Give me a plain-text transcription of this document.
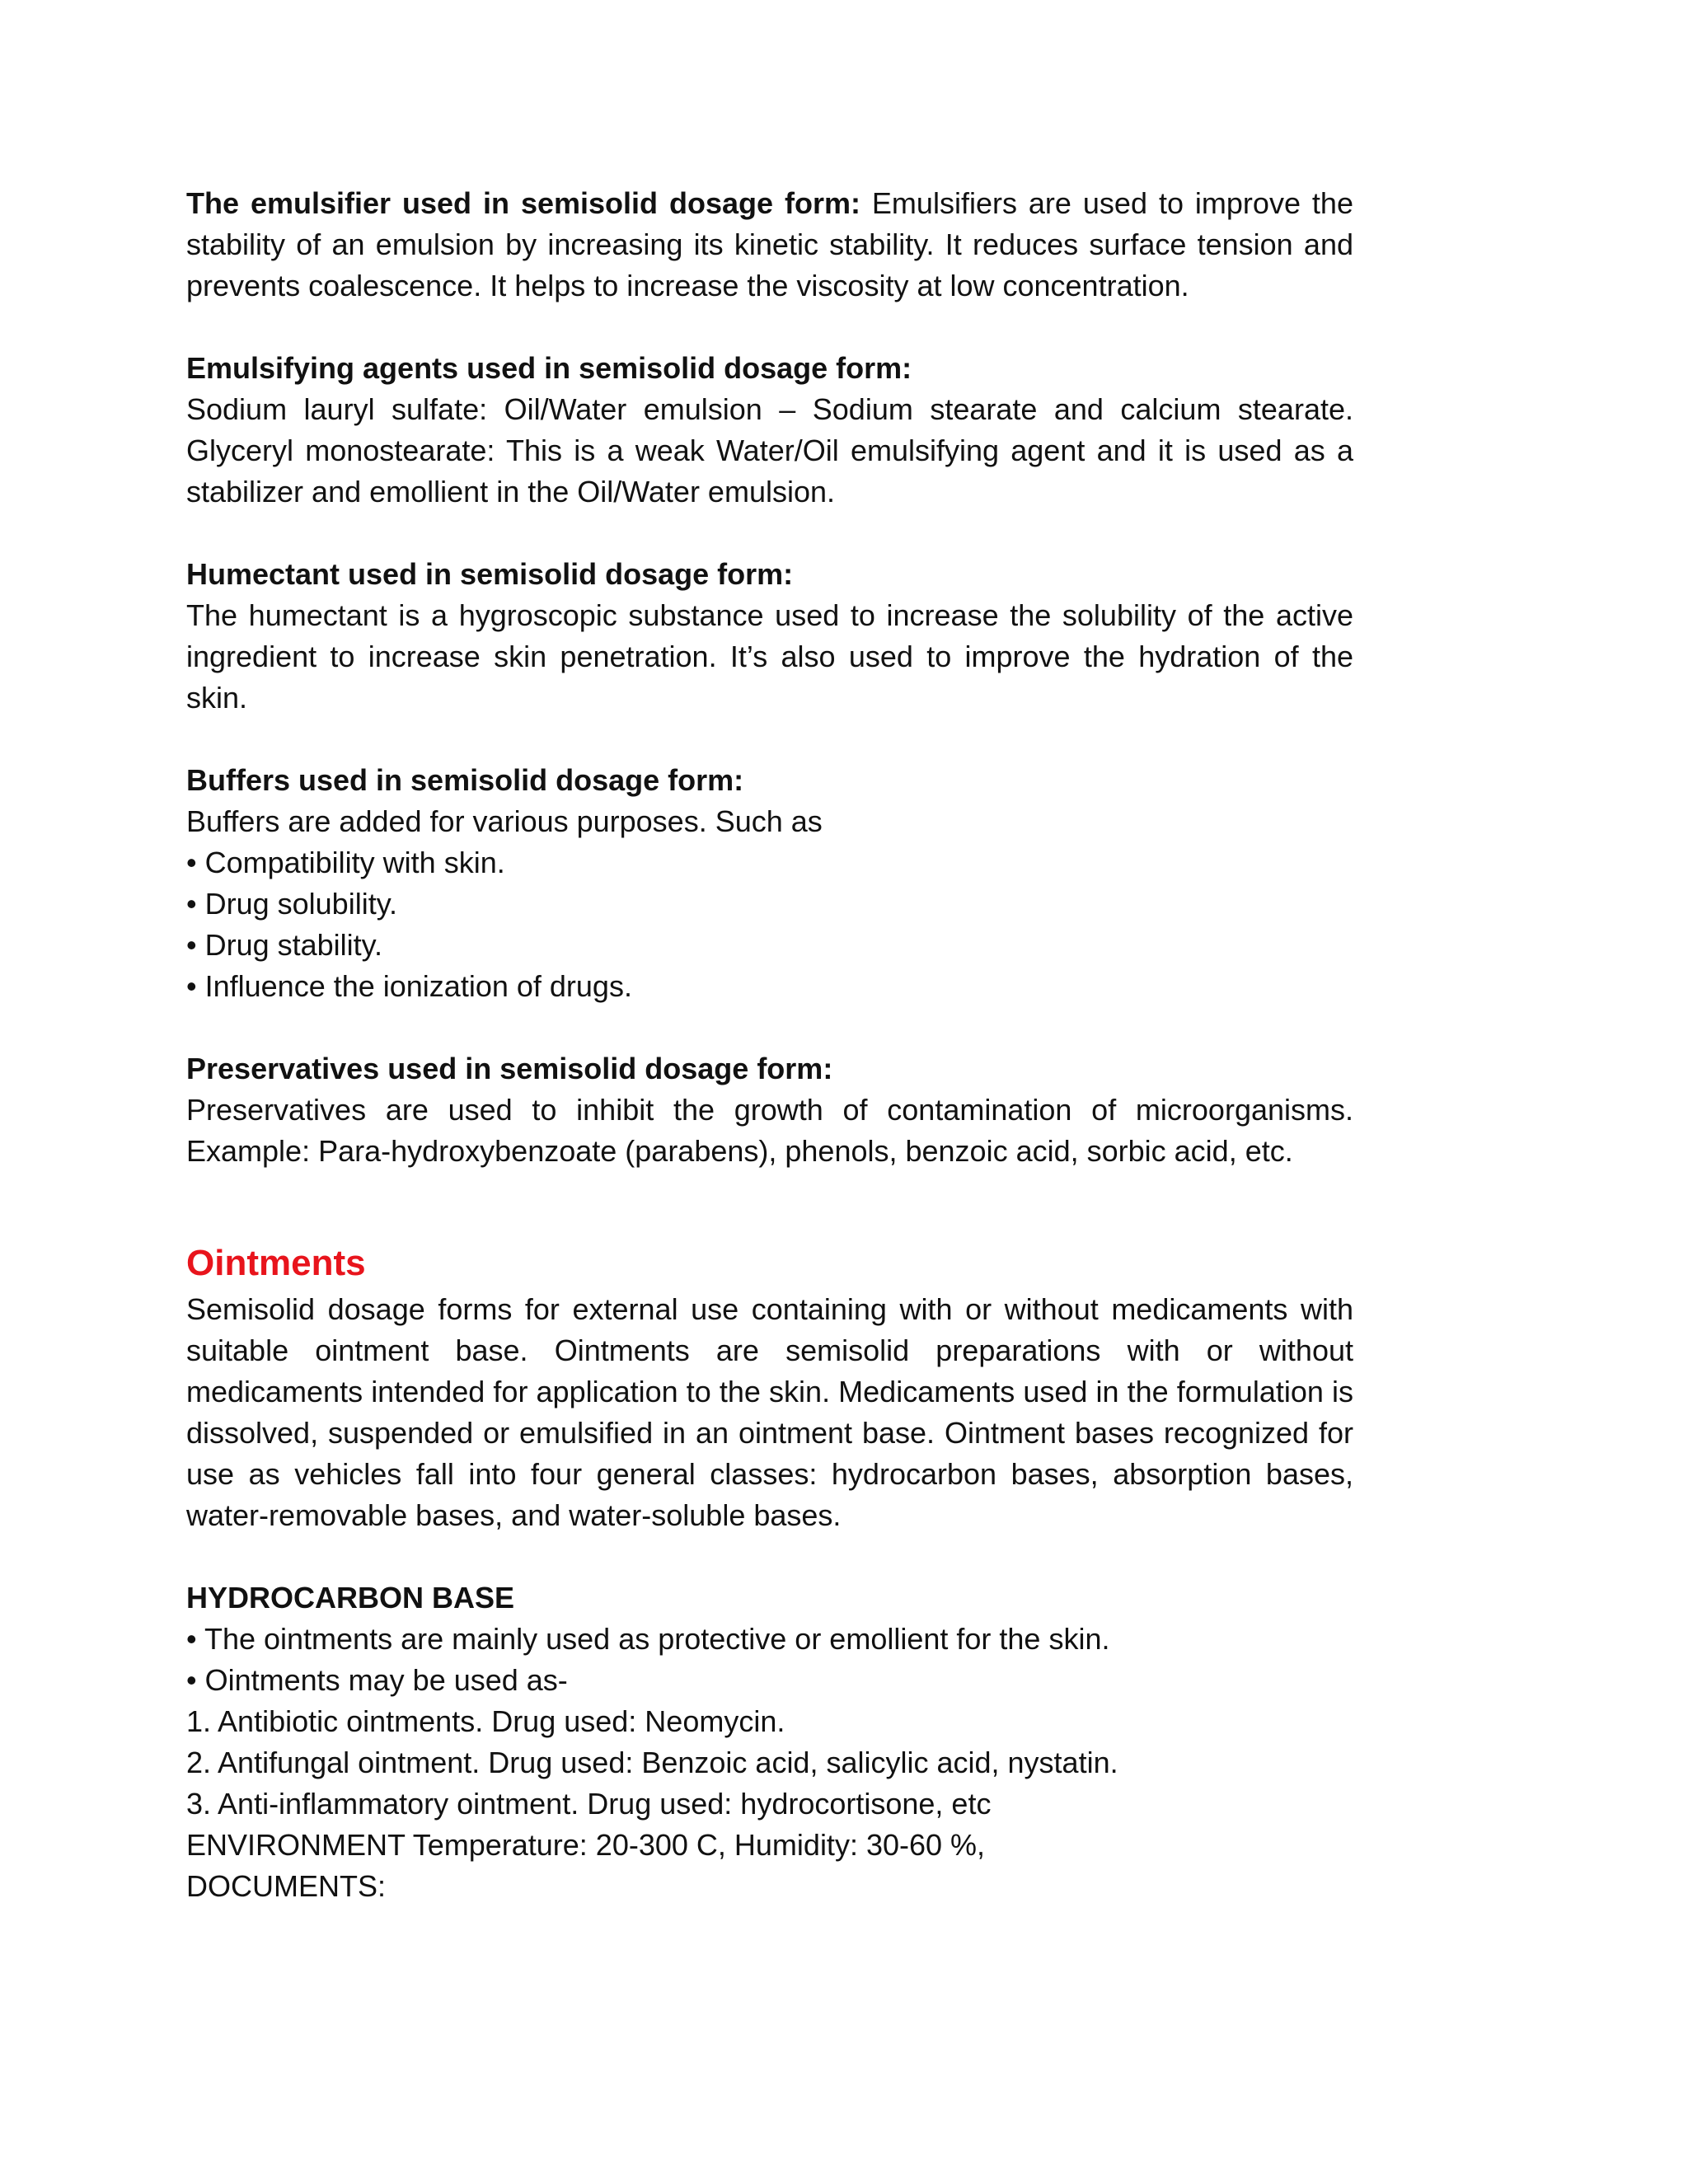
The emulsifier used in semisolid dosage form: Emulsifiers are used to improve the stability of an emulsion by increasing its kinetic stability. It reduces surface tension and prevents coalescence. It helps to increase the viscosity at low concentration.

Emulsifying agents used in semisolid dosage form:

Sodium lauryl sulfate: Oil/Water emulsion – Sodium stearate and calcium stearate. Glyceryl monostearate: This is a weak Water/Oil emulsifying agent and it is used as a stabilizer and emollient in the Oil/Water emulsion.

Humectant used in semisolid dosage form:

The humectant is a hygroscopic substance used to increase the solubility of the active ingredient to increase skin penetration. It’s also used to improve the hydration of the skin.

Buffers used in semisolid dosage form:

Buffers are added for various purposes. Such as

• Compatibility with skin.

• Drug solubility.

• Drug stability.

• Influence the ionization of drugs.

Preservatives used in semisolid dosage form:

Preservatives are used to inhibit the growth of contamination of microorganisms. Example: Para-hydroxybenzoate (parabens), phenols, benzoic acid, sorbic acid, etc.

Ointments

Semisolid dosage forms for external use containing with or without medicaments with suitable ointment base. Ointments are semisolid preparations with or without medicaments intended for application to the skin. Medicaments used in the formulation is dissolved, suspended or emulsified in an ointment base. Ointment bases recognized for use as vehicles fall into four general classes: hydrocarbon bases, absorption bases, water-removable bases, and water-soluble bases.

HYDROCARBON BASE

• The ointments are mainly used as protective or emollient for the skin.

• Ointments may be used as-

1. Antibiotic ointments. Drug used: Neomycin.

2. Antifungal ointment. Drug used: Benzoic acid, salicylic acid, nystatin.

3. Anti-inflammatory ointment. Drug used: hydrocortisone, etc

ENVIRONMENT Temperature: 20-300 C, Humidity: 30-60 %,

DOCUMENTS:
